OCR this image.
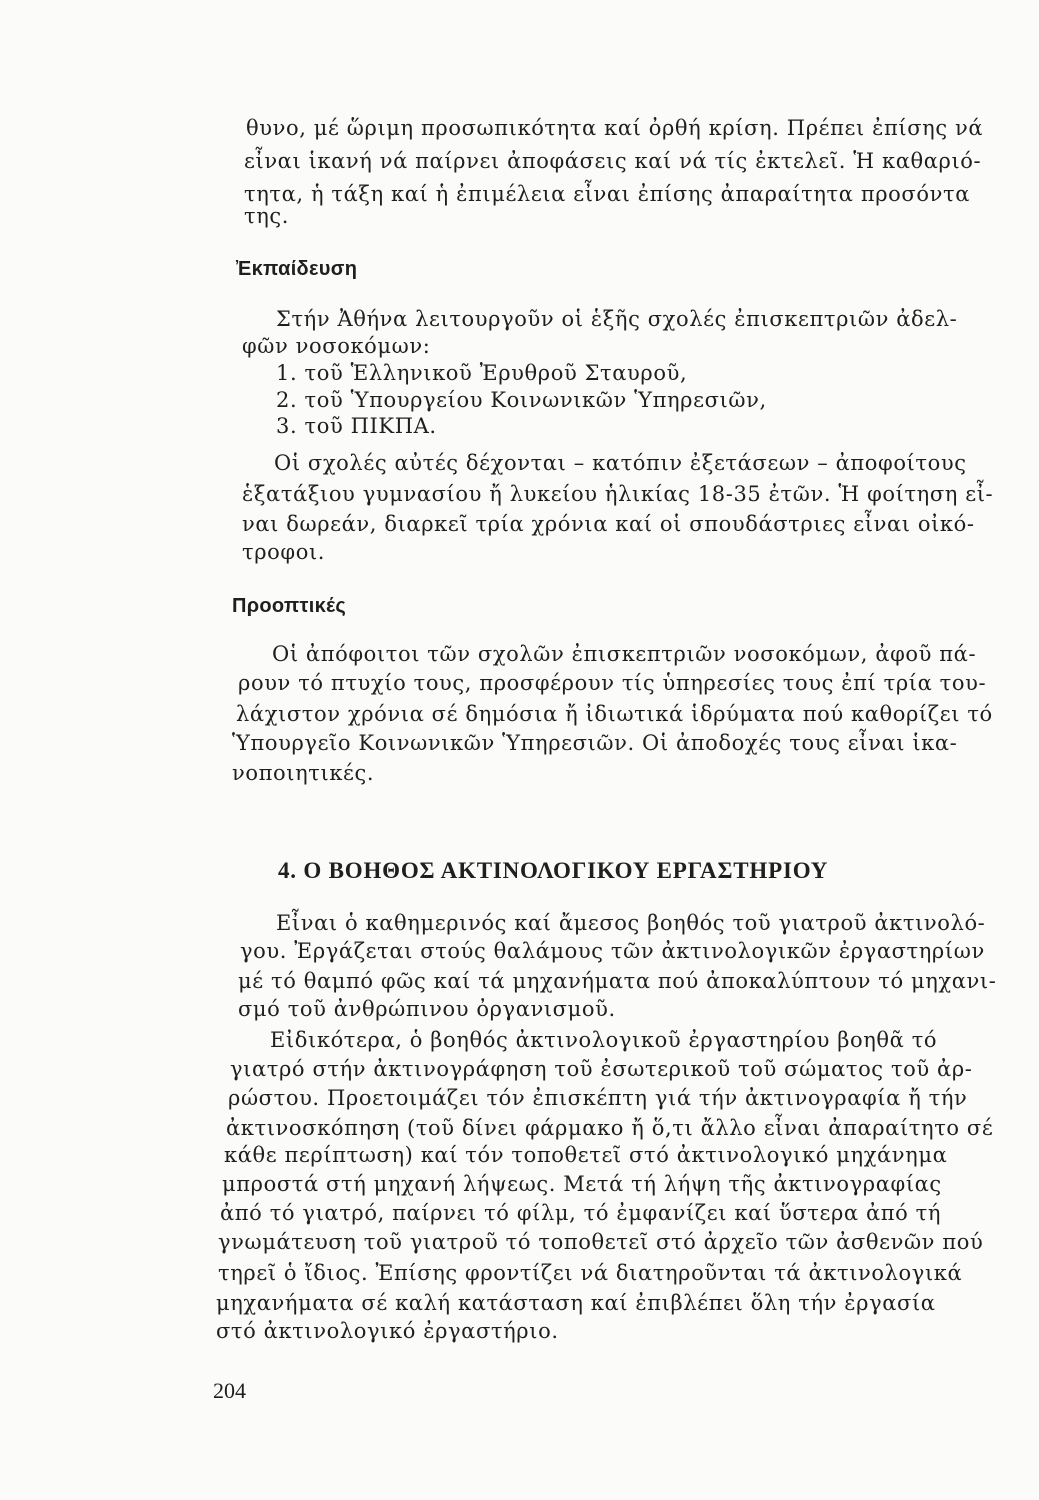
θυνο, μέ ὥριμη προσωπικότητα καί ὀρθή κρίση. Πρέπει ἐπίσης νά
εἶναι ἱκανή νά παίρνει ἀποφάσεις καί νά τίς ἐκτελεῖ. Ἡ καθαριό-
τητα, ἡ τάξη καί ἡ ἐπιμέλεια εἶναι ἐπίσης ἀπαραίτητα προσόντα
της.
Ἐκπαίδευση
Στήν Ἀθήνα λειτουργοῦν οἱ ἑξῆς σχολές ἐπισκεπτριῶν ἀδελ-
φῶν νοσοκόμων:
1. τοῦ Ἑλληνικοῦ Ἐρυθροῦ Σταυροῦ,
2. τοῦ Ὑπουργείου Κοινωνικῶν Ὑπηρεσιῶν,
3. τοῦ ΠΙΚΠΑ.
Οἱ σχολές αὐτές δέχονται – κατόπιν ἐξετάσεων – ἀποφοίτους
ἑξατάξιου γυμνασίου ἤ λυκείου ἡλικίας 18-35 ἐτῶν. Ἡ φοίτηση εἶ-
ναι δωρεάν, διαρκεῖ τρία χρόνια καί οἱ σπουδάστριες εἶναι οἰκό-
τροφοι.
Προοπτικές
Οἱ ἀπόφοιτοι τῶν σχολῶν ἐπισκεπτριῶν νοσοκόμων, ἀφοῦ πά-
ρουν τό πτυχίο τους, προσφέρουν τίς ὑπηρεσίες τους ἐπί τρία του-
λάχιστον χρόνια σέ δημόσια ἤ ἰδιωτικά ἱδρύματα πού καθορίζει τό
Ὑπουργεῖο Κοινωνικῶν Ὑπηρεσιῶν. Οἱ ἀποδοχές τους εἶναι ἱκα-
νοποιητικές.
4. Ο ΒΟΗΘΟΣ ΑΚΤΙΝΟΛΟΓΙΚΟΥ ΕΡΓΑΣΤΗΡΙΟΥ
Εἶναι ὁ καθημερινός καί ἄμεσος βοηθός τοῦ γιατροῦ ἀκτινολό-
γου. Ἐργάζεται στούς θαλάμους τῶν ἀκτινολογικῶν ἐργαστηρίων
μέ τό θαμπό φῶς καί τά μηχανήματα πού ἀποκαλύπτουν τό μηχανι-
σμό τοῦ ἀνθρώπινου ὀργανισμοῦ.
Εἰδικότερα, ὁ βοηθός ἀκτινολογικοῦ ἐργαστηρίου βοηθᾶ τό
γιατρό στήν ἀκτινογράφηση τοῦ ἐσωτερικοῦ τοῦ σώματος τοῦ ἀρ-
ρώστου. Προετοιμάζει τόν ἐπισκέπτη γιά τήν ἀκτινογραφία ἤ τήν
ἀκτινοσκόπηση (τοῦ δίνει φάρμακο ἤ ὅ,τι ἄλλο εἶναι ἀπαραίτητο σέ
κάθε περίπτωση) καί τόν τοποθετεῖ στό ἀκτινολογικό μηχάνημα
μπροστά στή μηχανή λήψεως. Μετά τή λήψη τῆς ἀκτινογραφίας
ἀπό τό γιατρό, παίρνει τό φίλμ, τό ἐμφανίζει καί ὕστερα ἀπό τή
γνωμάτευση τοῦ γιατροῦ τό τοποθετεῖ στό ἀρχεῖο τῶν ἀσθενῶν πού
τηρεῖ ὁ ἴδιος. Ἐπίσης φροντίζει νά διατηροῦνται τά ἀκτινολογικά
μηχανήματα σέ καλή κατάσταση καί ἐπιβλέπει ὅλη τήν ἐργασία
στό ἀκτινολογικό ἐργαστήριο.
204
